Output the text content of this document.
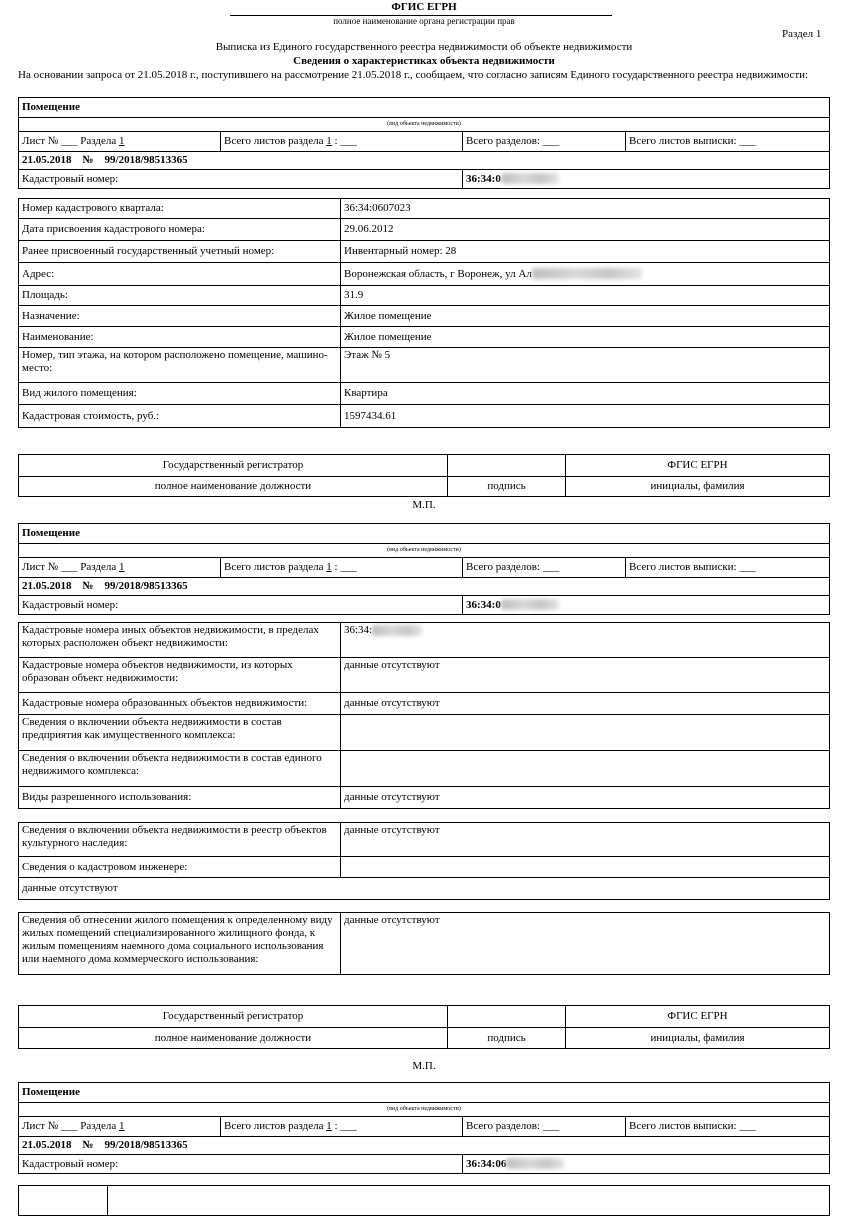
ФГИС ЕГРН
полное наименование органа регистрации прав
Раздел 1
Выписка из Единого государственного реестра недвижимости об объекте недвижимости
Сведения о характеристиках объекта недвижимости
На основании запроса от 21.05.2018 г., поступившего на рассмотрение 21.05.2018 г., сообщаем, что согласно записям Единого государственного реестра недвижимости:
Помещение			
(вид объекта недвижимости)			
Лист № ___ Раздела 1	Всего листов раздела 1 : ___	Всего разделов: ___	Всего листов выписки: ___
21.05.2018    №    99/2018/98513365			
Кадастровый номер:		36:34:0	
Номер кадастрового квартала:	36:34:0607023
Дата присвоения кадастрового номера:	29.06.2012
Ранее присвоенный государственный учетный номер:	Инвентарный номер: 28
Адрес:	Воронежская область, г Воронеж, ул Ал
Площадь:	31.9
Назначение:	Жилое помещение
Наименование:	Жилое помещение
Номер, тип этажа, на котором расположено помещение, машино-место:	Этаж № 5
Вид жилого помещения:	Квартира
Кадастровая стоимость, руб.:	1597434.61
Государственный регистратор		ФГИС ЕГРН
полное наименование должности	подпись	инициалы, фамилия
М.П.
Помещение			
(вид объекта недвижимости)			
Лист № ___ Раздела 1	Всего листов раздела 1 : ___	Всего разделов: ___	Всего листов выписки: ___
21.05.2018    №    99/2018/98513365			
Кадастровый номер:		36:34:0	
Кадастровые номера иных объектов недвижимости, в пределах которых расположен объект недвижимости:	36:34:
Кадастровые номера объектов недвижимости, из которых образован объект недвижимости:	данные отсутствуют
Кадастровые номера образованных объектов недвижимости:	данные отсутствуют
Сведения о включении объекта недвижимости в состав предприятия как имущественного комплекса:	
Сведения о включении объекта недвижимости в состав единого недвижимого комплекса:	
Виды разрешенного использования:	данные отсутствуют
Сведения о включении объекта недвижимости в реестр объектов культурного наследия:	данные отсутствуют
Сведения о кадастровом инженере:	
данные отсутствуют	
Сведения об отнесении жилого помещения к определенному виду жилых помещений специализированного жилищного фонда, к жилым помещениям наемного дома социального использования или наемного дома коммерческого использования:	данные отсутствуют
Государственный регистратор		ФГИС ЕГРН
полное наименование должности	подпись	инициалы, фамилия
М.П.
Помещение			
(вид объекта недвижимости)			
Лист № ___ Раздела 1	Всего листов раздела 1 : ___	Всего разделов: ___	Всего листов выписки: ___
21.05.2018    №    99/2018/98513365			
Кадастровый номер:		36:34:06	
